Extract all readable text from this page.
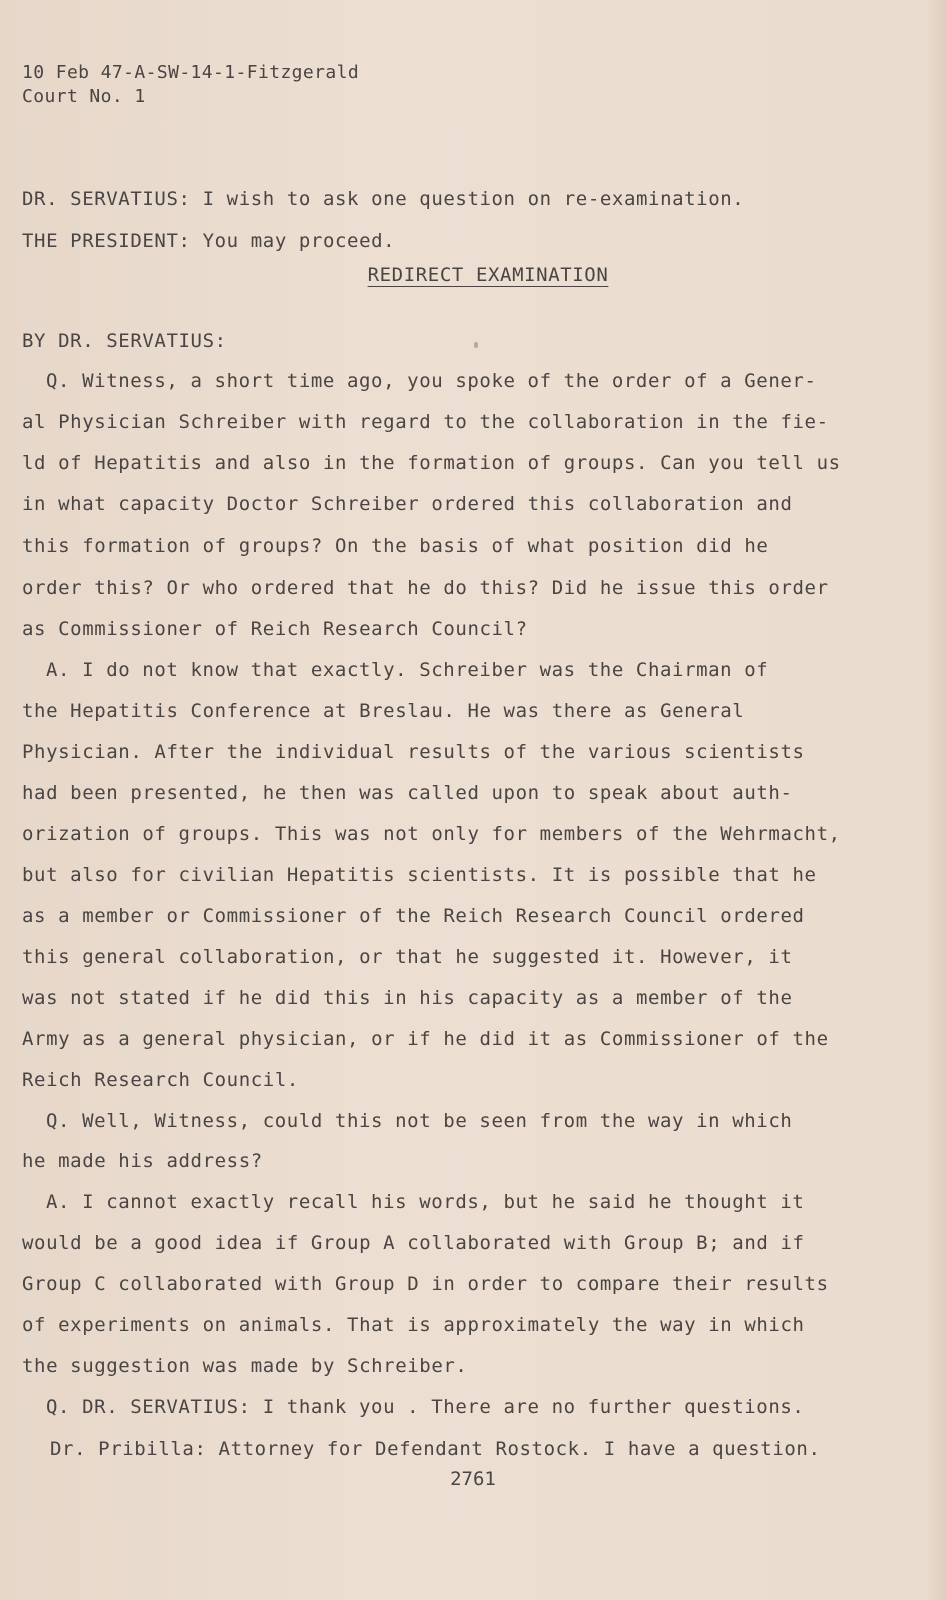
10 Feb 47-A-SW-14-1-Fitzgerald
Court No. 1
DR. SERVATIUS: I wish to ask one question on re-examination.
THE PRESIDENT: You may proceed.
REDIRECT EXAMINATION
BY DR. SERVATIUS:
Q. Witness, a short time ago, you spoke of the order of a Gener-
al Physician Schreiber with regard to the collaboration in the fie-
ld of Hepatitis and also in the formation of groups. Can you tell us
in what capacity Doctor Schreiber ordered this collaboration and
this formation of groups? On the basis of what position did he
order this? Or who ordered that he do this? Did he issue this order
as Commissioner of Reich Research Council?
A. I do not know that exactly. Schreiber was the Chairman of
the Hepatitis Conference at Breslau. He was there as General
Physician. After the individual results of the various scientists
had been presented, he then was called upon to speak about auth-
orization of groups. This was not only for members of the Wehrmacht,
but also for civilian Hepatitis scientists. It is possible that he
as a member or Commissioner of the Reich Research Council ordered
this general collaboration, or that he suggested it. However, it
was not stated if he did this in his capacity as a member of the
Army as a general physician, or if he did it as Commissioner of the
Reich Research Council.
Q. Well, Witness, could this not be seen from the way in which
he made his address?
A. I cannot exactly recall his words, but he said he thought it
would be a good idea if Group A collaborated with Group B; and if
Group C collaborated with Group D in order to compare their results
of experiments on animals. That is approximately the way in which
the suggestion was made by Schreiber.
Q. DR. SERVATIUS: I thank you . There are no further questions.
Dr. Pribilla: Attorney for Defendant Rostock. I have a question.
2761
